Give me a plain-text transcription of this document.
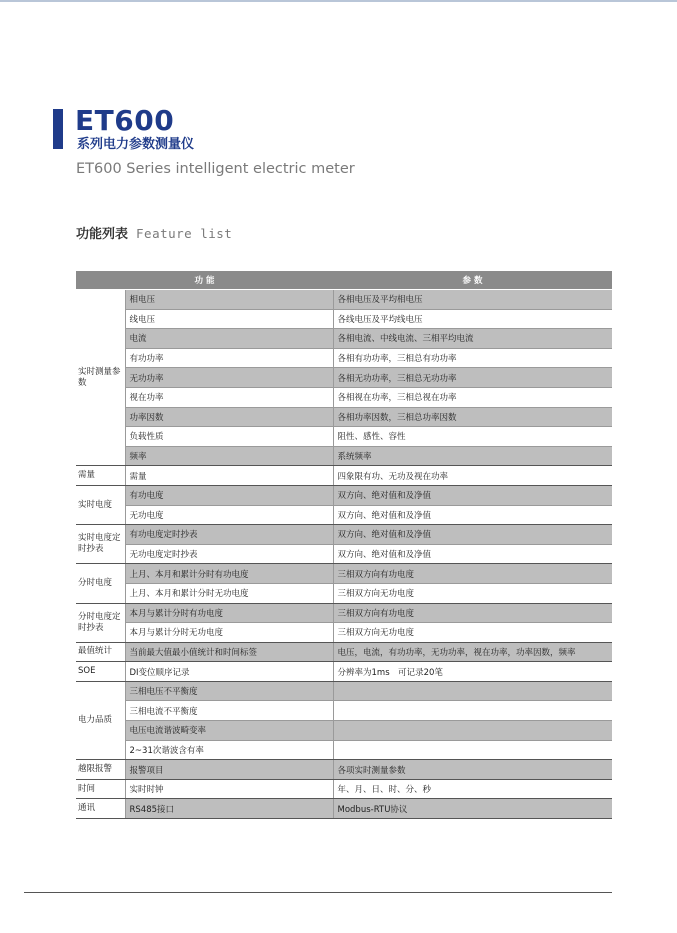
ET600
系列电力参数测量仪
ET600 Series intelligent electric meter
功能列表 Feature list
功 能		参 数
实时测量参数	相电压	各相电压及平均相电压
	线电压	各线电压及平均线电压
	电流	各相电流、中线电流、三相平均电流
	有功功率	各相有功功率，三相总有功功率
	无功功率	各相无功功率，三相总无功功率
	视在功率	各相视在功率，三相总视在功率
	功率因数	各相功率因数，三相总功率因数
	负载性质	阻性、感性、容性
	频率	系统频率
需量	需量	四象限有功、无功及视在功率
实时电度	有功电度	双方向、绝对值和及净值
	无功电度	双方向、绝对值和及净值
实时电度定时抄表	有功电度定时抄表	双方向、绝对值和及净值
	无功电度定时抄表	双方向、绝对值和及净值
分时电度	上月、本月和累计分时有功电度	三相双方向有功电度
	上月、本月和累计分时无功电度	三相双方向无功电度
分时电度定时抄表	本月与累计分时有功电度	三相双方向有功电度
	本月与累计分时无功电度	三相双方向无功电度
最值统计	当前最大值最小值统计和时间标签	电压，电流，有功功率，无功功率，视在功率，功率因数，频率
SOE	DI变位顺序记录	分辨率为1ms　可记录20笔
电力品质	三相电压不平衡度	
	三相电流不平衡度	
	电压电流谐波畸变率	
	2~31次谐波含有率	
越限报警	报警项目	各项实时测量参数
时间	实时时钟	年、月、日、时、分、秒
通讯	RS485接口	Modbus-RTU协议
